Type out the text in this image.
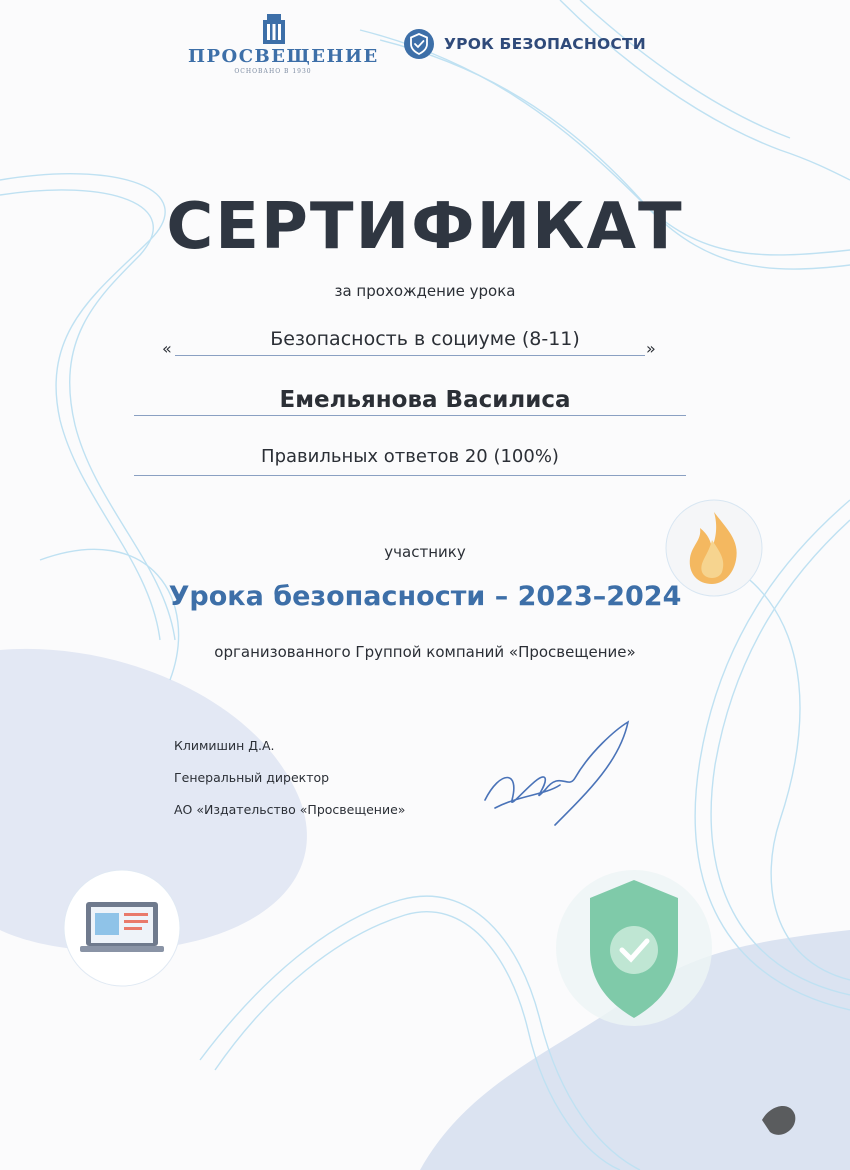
ПРОСВЕЩЕНИЕ
ОСНОВАНО В 1930
УРОК БЕЗОПАСНОСТИ
СЕРТИФИКАТ
за прохождение урока
Безопасность в социуме (8-11)
«	»
Емельянова Василиса
Правильных ответов 20 (100%)
участнику
Урока безопасности – 2023–2024
организованного Группой компаний «Просвещение»
Климишин Д.А.
Генеральный директор
АО «Издательство «Просвещение»
